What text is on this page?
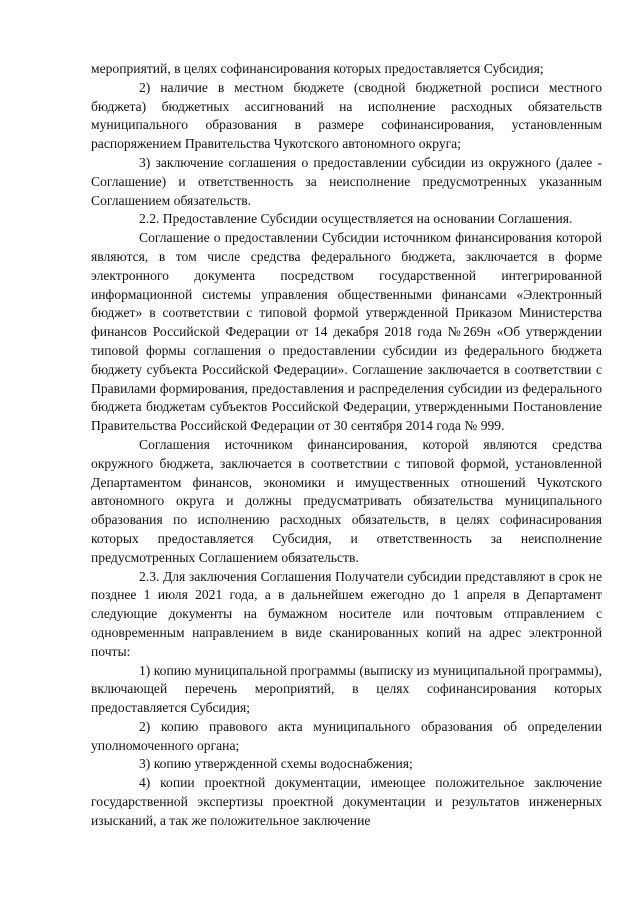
мероприятий, в целях софинансирования которых предоставляется Субсидия;

2) наличие в местном бюджете (сводной бюджетной росписи местного бюджета) бюджетных ассигнований на исполнение расходных обязательств муниципального образования в размере софинансирования, установленным распоряжением Правительства Чукотского автономного округа;

3) заключение соглашения о предоставлении субсидии из окружного (далее - Соглашение) и ответственность за неисполнение предусмотренных указанным Соглашением обязательств.

2.2. Предоставление Субсидии осуществляется на основании Соглашения.

Соглашение о предоставлении Субсидии источником финансирования которой являются, в том числе средства федерального бюджета, заключается в форме электронного документа посредством государственной интегрированной информационной системы управления общественными финансами «Электронный бюджет» в соответствии с типовой формой утвержденной Приказом Министерства финансов Российской Федерации от 14 декабря 2018 года №269н «Об утверждении типовой формы соглашения о предоставлении субсидии из федерального бюджета бюджету субъекта Российской Федерации». Соглашение заключается в соответствии с Правилами формирования, предоставления и распределения субсидии из федерального бюджета бюджетам субъектов Российской Федерации, утвержденными Постановление Правительства Российской Федерации от 30 сентября 2014 года № 999.

Соглашения источником финансирования, которой являются средства окружного бюджета, заключается в соответствии с типовой формой, установленной Департаментом финансов, экономики и имущественных отношений Чукотского автономного округа и должны предусматривать обязательства муниципального образования по исполнению расходных обязательств, в целях софинасирования которых предоставляется Субсидия, и ответственность за неисполнение предусмотренных Соглашением обязательств.

2.3. Для заключения Соглашения Получатели субсидии представляют в срок не позднее 1 июля 2021 года, а в дальнейшем ежегодно до 1 апреля в Департамент следующие документы на бумажном носителе или почтовым отправлением с одновременным направлением в виде сканированных копий на адрес электронной почты:

1) копию муниципальной программы (выписку из муниципальной программы), включающей перечень мероприятий, в целях софинансирования которых предоставляется Субсидия;

2) копию правового акта муниципального образования об определении уполномоченного органа;

3) копию утвержденной схемы водоснабжения;

4) копии проектной документации, имеющее положительное заключение государственной экспертизы проектной документации и результатов инженерных изысканий, а так же положительное заключение
